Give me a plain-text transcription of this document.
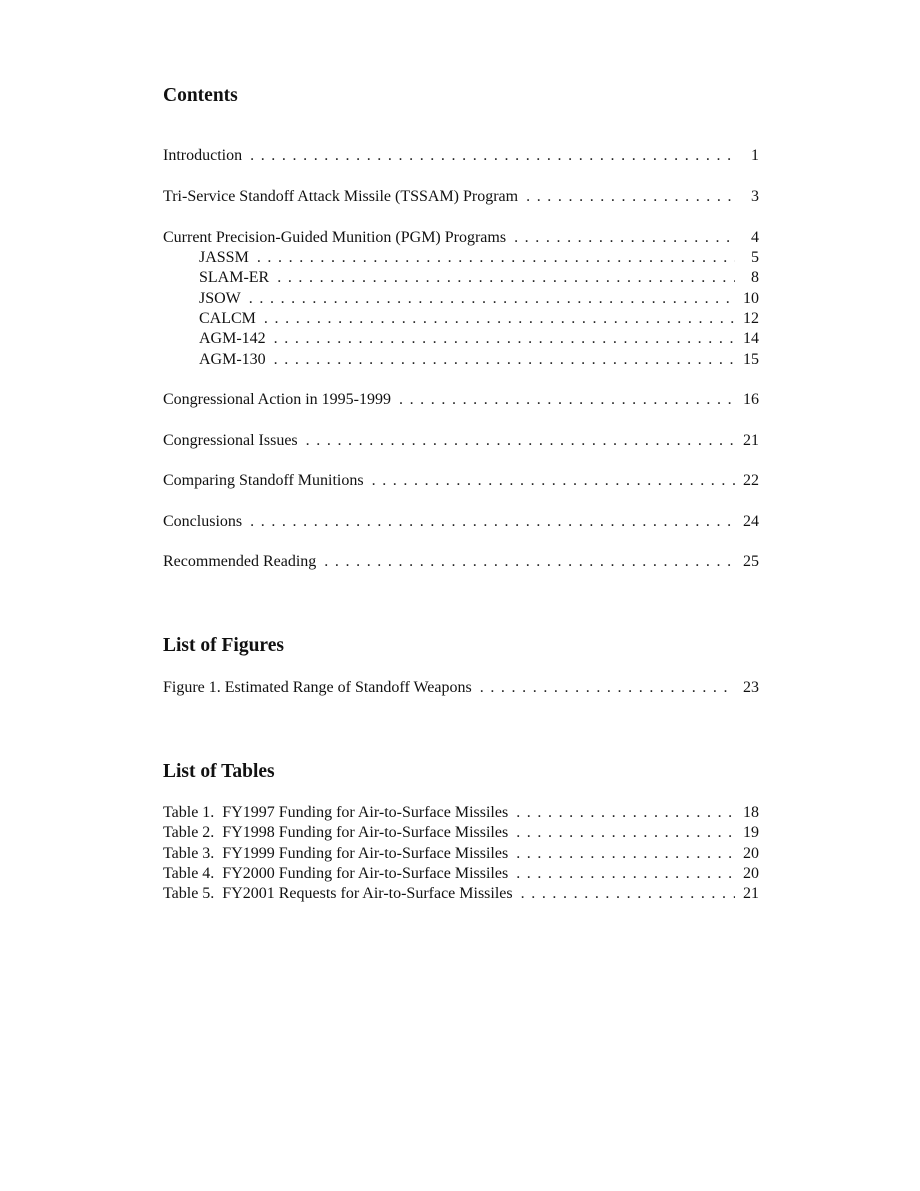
Contents
Introduction . . .	1
Tri-Service Standoff Attack Missile (TSSAM) Program . . .	3
Current Precision-Guided Munition (PGM) Programs . . .	4
JASSM . . .	5
SLAM-ER . . .	8
JSOW . . .	10
CALCM . . .	12
AGM-142 . . .	14
AGM-130 . . .	15
Congressional Action in 1995-1999 . . .	16
Congressional Issues . . .	21
Comparing Standoff Munitions . . .	22
Conclusions . . .	24
Recommended Reading . . .	25
List of Figures
Figure 1. Estimated Range of Standoff Weapons . . .	23
List of Tables
Table 1.  FY1997 Funding for Air-to-Surface Missiles . . .	18
Table 2.  FY1998 Funding for Air-to-Surface Missiles . . .	19
Table 3.  FY1999 Funding for Air-to-Surface Missiles . . .	20
Table 4.  FY2000 Funding for Air-to-Surface Missiles . . .	20
Table 5.  FY2001 Requests for Air-to-Surface Missiles . . .	21
